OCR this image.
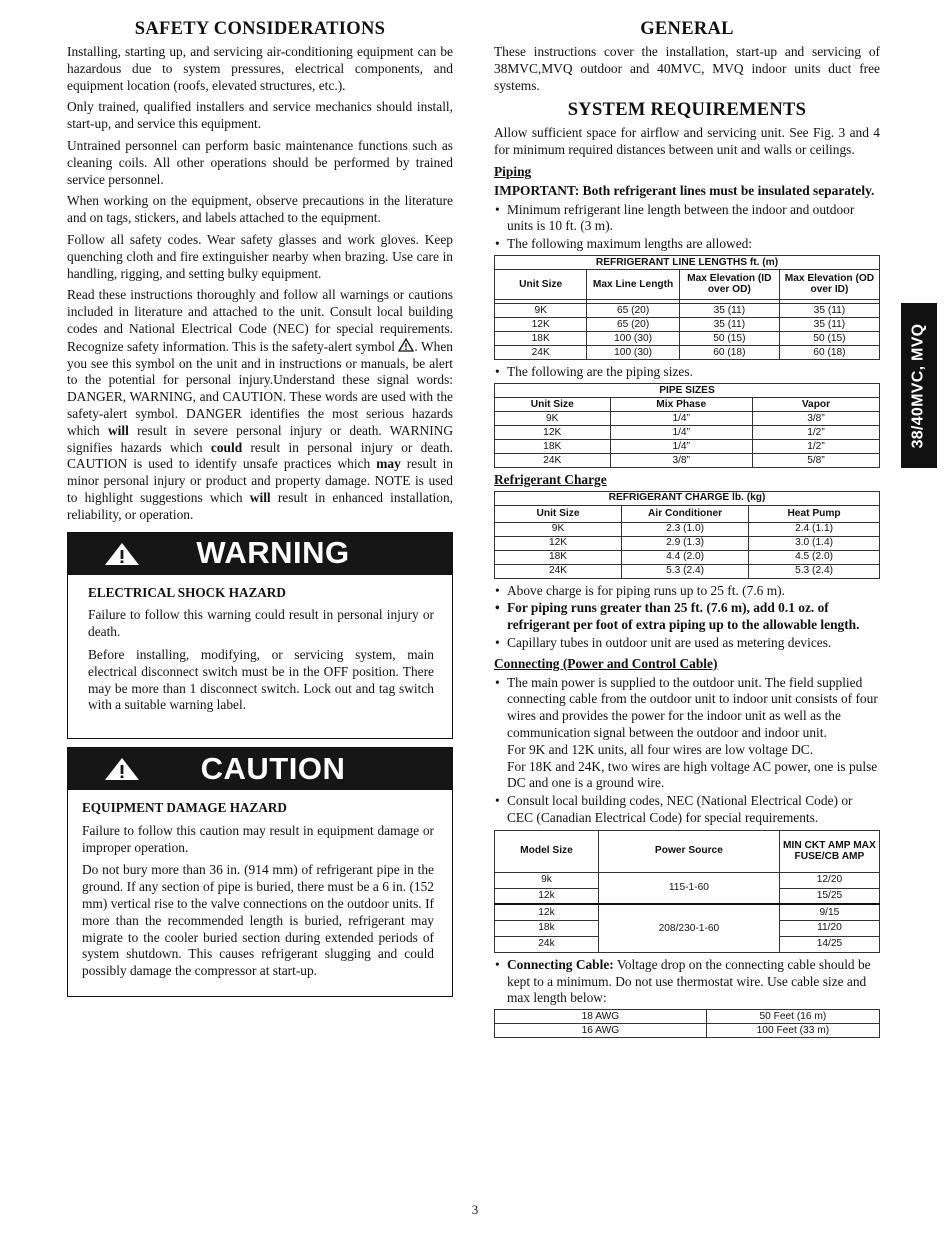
SAFETY CONSIDERATIONS

Installing, starting up, and servicing air-conditioning equipment can be hazardous due to system pressures, electrical components, and equipment location (roofs, elevated structures, etc.).

Only trained, qualified installers and service mechanics should install, start-up, and service this equipment.

Untrained personnel can perform basic maintenance functions such as cleaning coils. All other operations should be performed by trained service personnel.

When working on the equipment, observe precautions in the literature and on tags, stickers, and labels attached to the equipment.

Follow all safety codes. Wear safety glasses and work gloves. Keep quenching cloth and fire extinguisher nearby when brazing. Use care in handling, rigging, and setting bulky equipment.

Read these instructions thoroughly and follow all warnings or cautions included in literature and attached to the unit. Consult local building codes and National Electrical Code (NEC) for special requirements. Recognize safety information. This is the safety-alert symbol . When you see this symbol on the unit and in instructions or manuals, be alert to the potential for personal injury.Understand these signal words: DANGER, WARNING, and CAUTION. These words are used with the safety-alert symbol. DANGER identifies the most serious hazards which will result in severe personal injury or death. WARNING signifies hazards which could result in personal injury or death. CAUTION is used to identify unsafe practices which may result in minor personal injury or product and property damage. NOTE is used to highlight suggestions which will result in enhanced installation, reliability, or operation.

WARNING
ELECTRICAL SHOCK HAZARD

Failure to follow this warning could result in personal injury or death.

Before installing, modifying, or servicing system, main electrical disconnect switch must be in the OFF position. There may be more than 1 disconnect switch. Lock out and tag switch with a suitable warning label.

CAUTION
EQUIPMENT DAMAGE HAZARD

Failure to follow this caution may result in equipment damage or improper operation.

Do not bury more than 36 in. (914 mm) of refrigerant pipe in the ground. If any section of pipe is buried, there must be a 6 in. (152 mm) vertical rise to the valve connections on the outdoor units. If more than the recommended length is buried, refrigerant may migrate to the cooler buried section during extended periods of system shutdown. This causes refrigerant slugging and could possibly damage the compressor at start-up.

GENERAL

These instructions cover the installation, start-up and servicing of 38MVC,MVQ outdoor and 40MVC, MVQ indoor units duct free systems.

SYSTEM REQUIREMENTS

Allow sufficient space for airflow and servicing unit. See Fig. 3 and 4 for minimum required distances between unit and walls or ceilings.

Piping
IMPORTANT: Both refrigerant lines must be insulated separately.
• Minimum refrigerant line length between the indoor and outdoor units is 10 ft. (3 m).
• The following maximum lengths are allowed:
REFRIGERANT LINE LENGTHS ft. (m)			
Unit Size	Max Line Length	Max Elevation (ID over OD)	Max Elevation (OD over ID)

9K	65 (20)	35 (11)	35 (11)
12K	65 (20)	35 (11)	35 (11)
18K	100 (30)	50 (15)	50 (15)
24K	100 (30)	60 (18)	60 (18)
• The following are the piping sizes.
PIPE SIZES		
Unit Size	Mix Phase	Vapor
9K	1/4”	3/8”
12K	1/4”	1/2”
18K	1/4”	1/2”
24K	3/8”	5/8”
Refrigerant Charge
REFRIGERANT CHARGE lb. (kg)		
Unit Size	Air Conditioner	Heat Pump
9K	2.3 (1.0)	2.4 (1.1)
12K	2.9 (1.3)	3.0 (1.4)
18K	4.4 (2.0)	4.5 (2.0)
24K	5.3 (2.4)	5.3 (2.4)
• Above charge is for piping runs up to 25 ft. (7.6 m).
• For piping runs greater than 25 ft. (7.6 m), add 0.1 oz. of refrigerant per foot of extra piping up to the allowable length.
• Capillary tubes in outdoor unit are used as metering devices.
Connecting (Power and Control Cable)
• The main power is supplied to the outdoor unit. The field supplied connecting cable from the outdoor unit to indoor unit consists of four wires and provides the power for the indoor unit as well as the communication signal between the outdoor and indoor unit.
For 9K and 12K units, all four wires are low voltage DC.
For 18K and 24K, two wires are high voltage AC power, one is pulse DC and one is a ground wire.
• Consult local building codes, NEC (National Electrical Code) or CEC (Canadian Electrical Code) for special requirements.
Model Size	Power Source	MIN CKT AMP MAX FUSE/CB AMP
9k	115-1-60	12/20
12k		15/25
12k	208/230-1-60	9/15
18k		11/20
24k		14/25
• Connecting Cable: Voltage drop on the connecting cable should be kept to a minimum. Do not use thermostat wire. Use cable size and max length below:
18 AWG	50 Feet (16 m)
16 AWG	100 Feet (33 m)
38/40MVC, MVQ
3
